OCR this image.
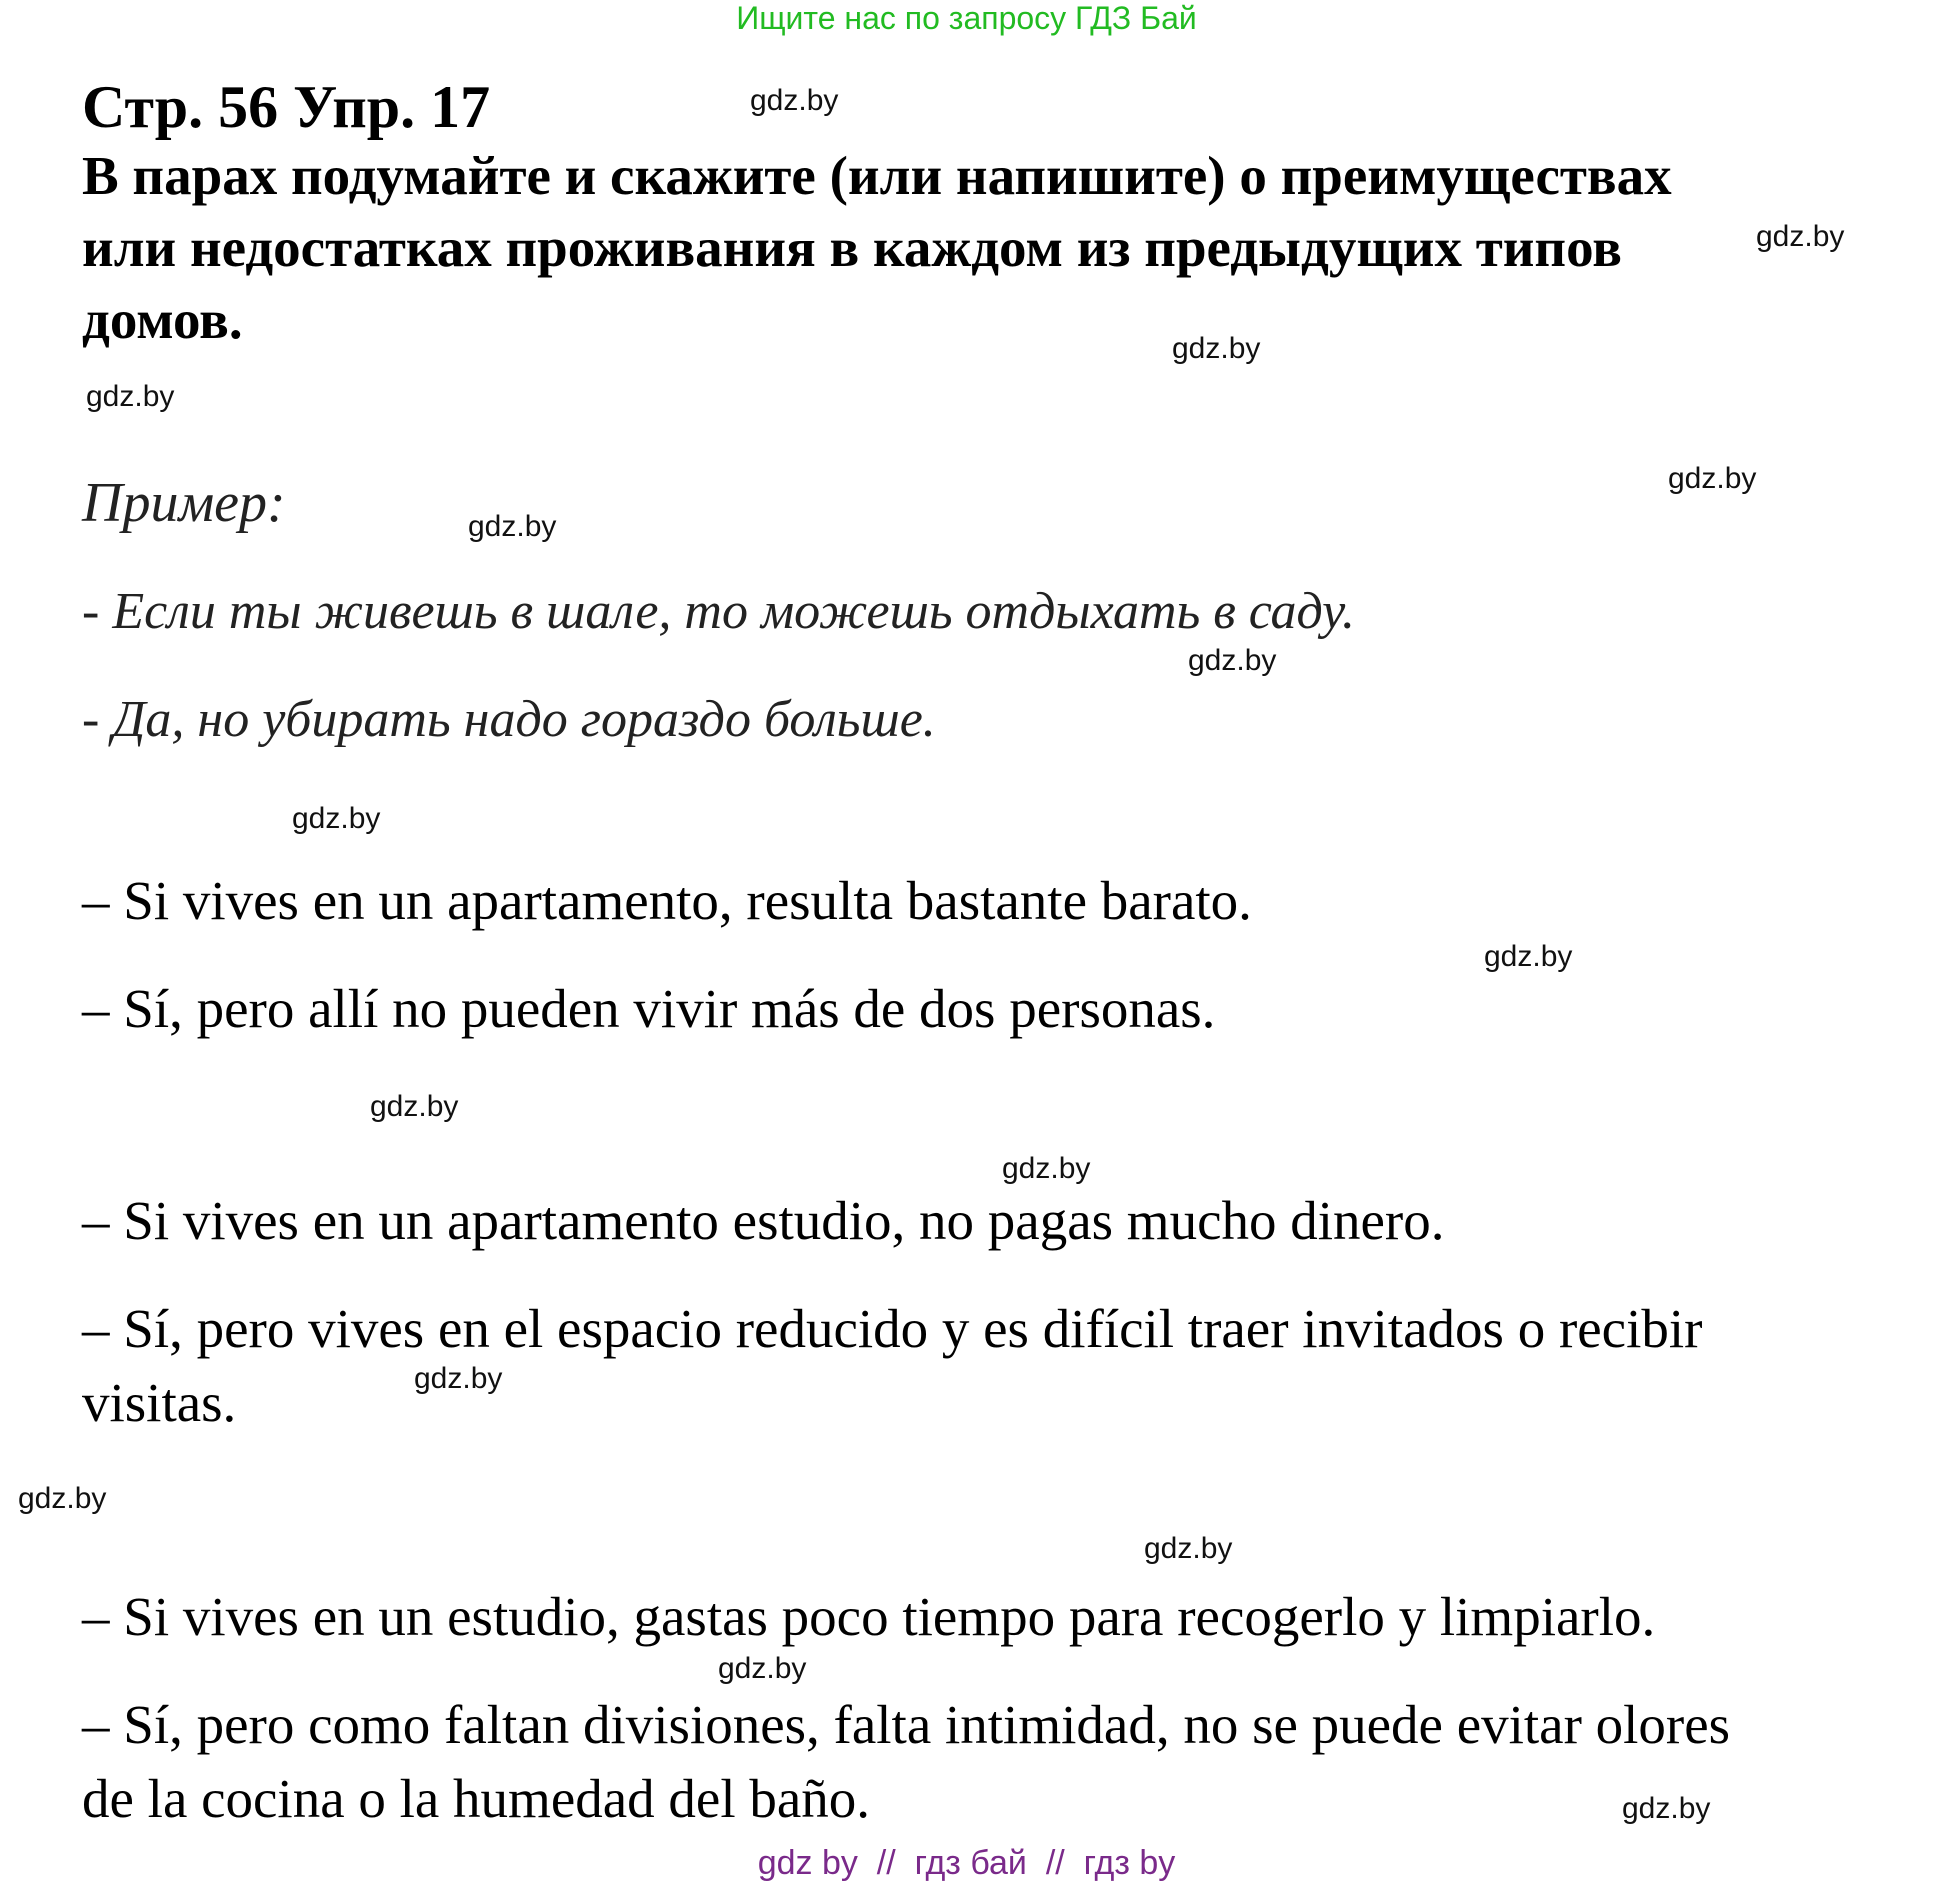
Ищите нас по запросу ГДЗ Бай
Стр. 56 Упр. 17
В парах подумайте и скажите (или напишите) о преимуществах
или недостатках проживания в каждом из предыдущих типов
домов.
Пример:
- Если ты живешь в шале, то можешь отдыхать в саду.
- Да, но убирать надо гораздо больше.
– Si vives en un apartamento, resulta bastante barato.
– Sí, pero allí no pueden vivir más de dos personas.
– Si vives en un apartamento estudio, no pagas mucho dinero.
– Sí, pero vives en el espacio reducido y es difícil traer invitados o recibir
visitas.
– Si vives en un estudio, gastas poco tiempo para recogerlo y limpiarlo.
– Sí, pero como faltan divisiones, falta intimidad, no se puede evitar olores
de la cocina o la humedad del baño.
gdz.by
gdz.by
gdz.by
gdz.by
gdz.by
gdz.by
gdz.by
gdz.by
gdz.by
gdz.by
gdz.by
gdz.by
gdz.by
gdz.by
gdz.by
gdz.by
gdz by  //  гдз бай  //  гдз by
